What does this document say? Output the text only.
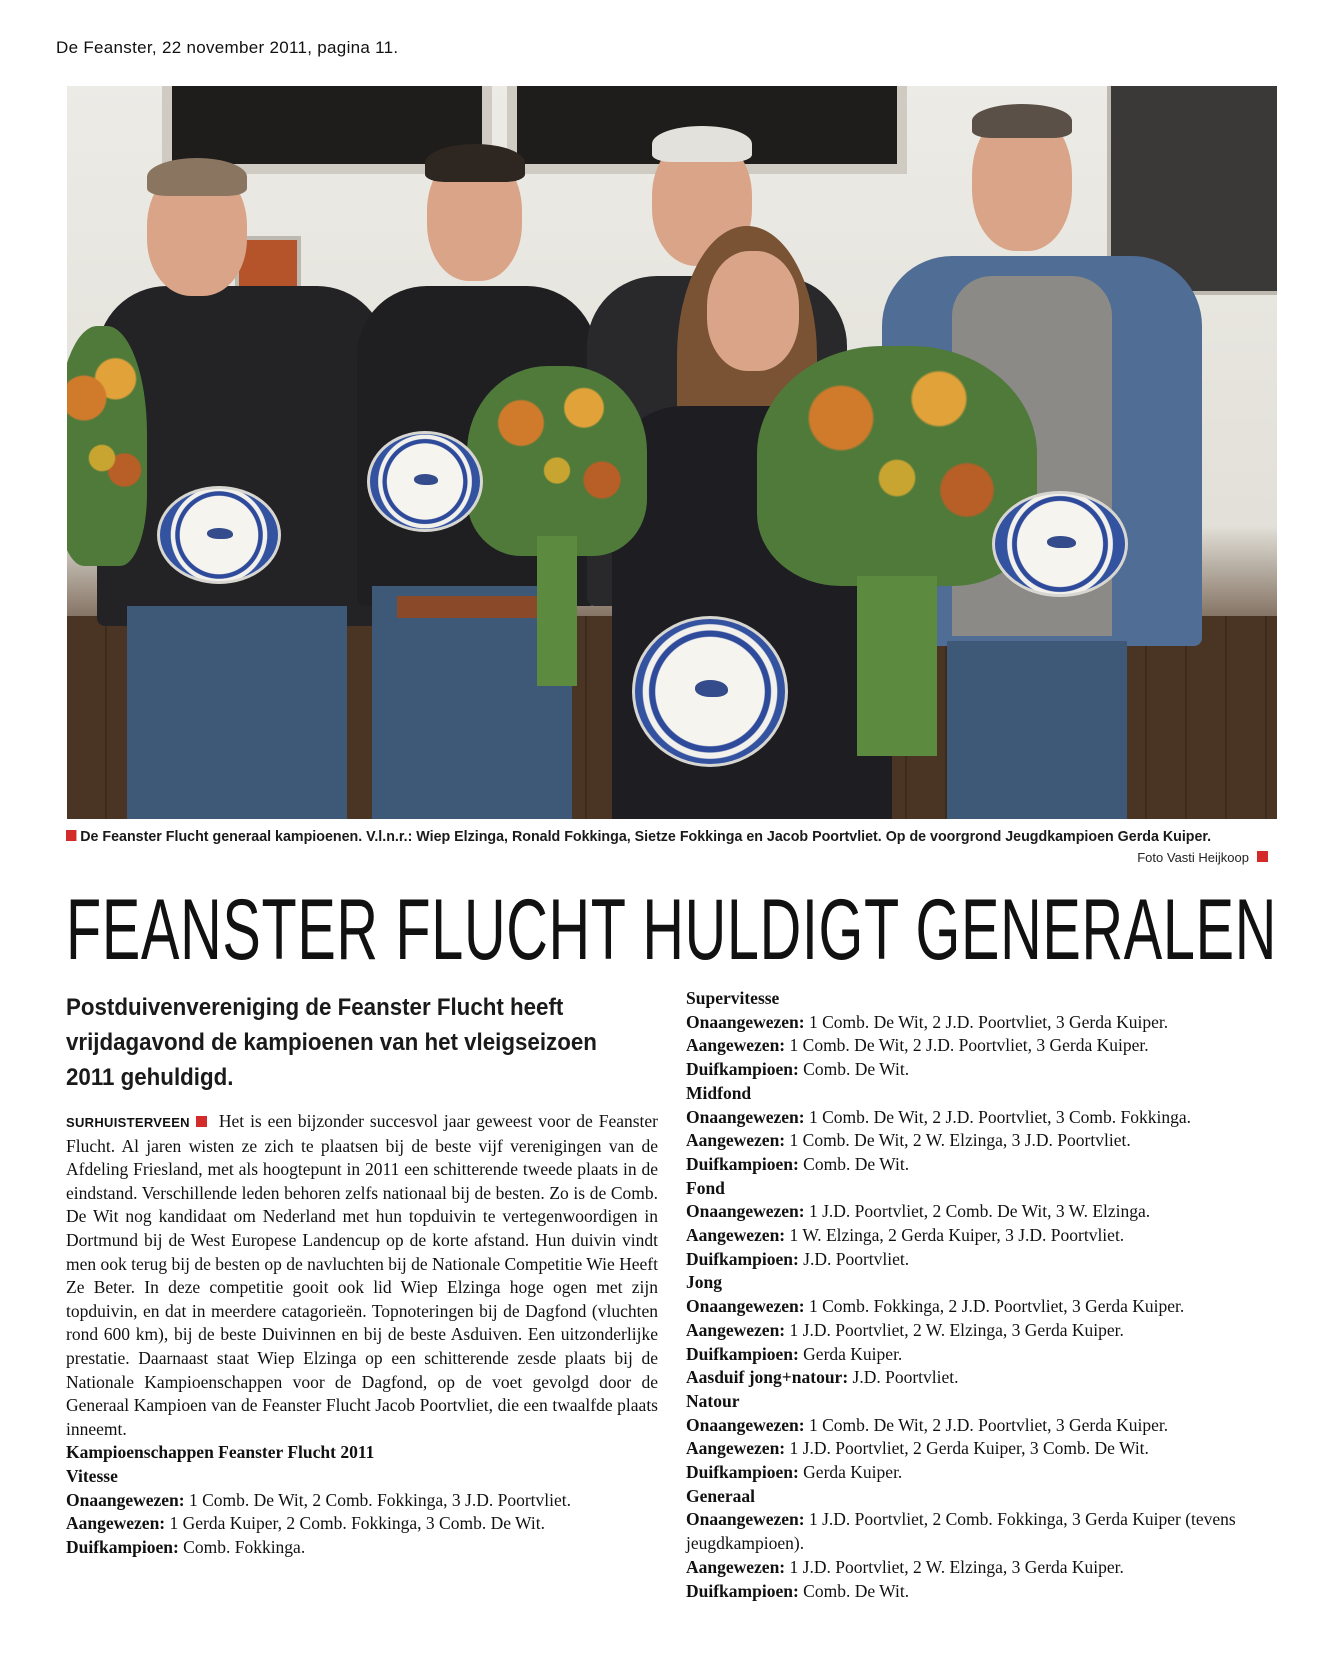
De Feanster, 22 november 2011, pagina 11.
De Feanster Flucht generaal kampioenen. V.l.n.r.: Wiep Elzinga, Ronald Fokkinga, Sietze Fokkinga en Jacob Poortvliet. Op de voorgrond Jeugdkampioen Gerda Kuiper.
Foto Vasti Heijkoop
FEANSTER FLUCHT HULDIGT GENERALEN
Postduivenvereniging de Feanster Flucht heeft vrijdagavond de kampioenen van het vleigseizoen 2011 gehuldigd.
SURHUISTERVEEN Het is een bijzonder succesvol jaar geweest voor de Feanster Flucht. Al jaren wisten ze zich te plaatsen bij de beste vijf verenigingen van de Afdeling Friesland, met als hoogtepunt in 2011 een schitterende tweede plaats in de eindstand. Verschillende leden behoren zelfs nationaal bij de besten. Zo is de Comb. De Wit nog kandidaat om Nederland met hun topduivin te vertegenwoordigen in Dortmund bij de West Europese Landencup op de korte afstand. Hun duivin vindt men ook terug bij de besten op de navluchten bij de Nationale Competitie Wie Heeft Ze Beter. In deze competitie gooit ook lid Wiep Elzinga hoge ogen met zijn topduivin, en dat in meerdere catagorieën. Topnoteringen bij de Dagfond (vluchten rond 600 km), bij de beste Duivinnen en bij de beste Asduiven. Een uitzonderlijke prestatie. Daarnaast staat Wiep Elzinga op een schitterende zesde plaats bij de Nationale Kampioenschappen voor de Dagfond, op de voet gevolgd door de Generaal Kampioen van de Feanster Flucht Jacob Poortvliet, die een twaalfde plaats inneemt.
Kampioenschappen Feanster Flucht 2011
Vitesse
Onaangewezen: 1 Comb. De Wit, 2 Comb. Fokkinga, 3 J.D. Poortvliet.
Aangewezen: 1 Gerda Kuiper, 2 Comb. Fokkinga, 3 Comb. De Wit.
Duifkampioen: Comb. Fokkinga.
Supervitesse
Onaangewezen: 1 Comb. De Wit, 2 J.D. Poortvliet, 3 Gerda Kuiper.
Aangewezen: 1 Comb. De Wit, 2 J.D. Poortvliet, 3 Gerda Kuiper.
Duifkampioen: Comb. De Wit.
Midfond
Onaangewezen: 1 Comb. De Wit, 2 J.D. Poortvliet, 3 Comb. Fokkinga.
Aangewezen: 1 Comb. De Wit, 2 W. Elzinga, 3 J.D. Poortvliet.
Duifkampioen: Comb. De Wit.
Fond
Onaangewezen: 1 J.D. Poortvliet, 2 Comb. De Wit, 3 W. Elzinga.
Aangewezen: 1 W. Elzinga, 2 Gerda Kuiper, 3 J.D. Poortvliet.
Duifkampioen: J.D. Poortvliet.
Jong
Onaangewezen: 1 Comb. Fokkinga, 2 J.D. Poortvliet, 3 Gerda Kuiper.
Aangewezen: 1 J.D. Poortvliet, 2 W. Elzinga, 3 Gerda Kuiper.
Duifkampioen: Gerda Kuiper.
Aasduif jong+natour: J.D. Poortvliet.
Natour
Onaangewezen: 1 Comb. De Wit, 2 J.D. Poortvliet, 3 Gerda Kuiper.
Aangewezen: 1 J.D. Poortvliet, 2 Gerda Kuiper, 3 Comb. De Wit.
Duifkampioen: Gerda Kuiper.
Generaal
Onaangewezen: 1 J.D. Poortvliet, 2 Comb. Fokkinga, 3 Gerda Kuiper (tevens jeugdkampioen).
Aangewezen: 1 J.D. Poortvliet, 2 W. Elzinga, 3 Gerda Kuiper.
Duifkampioen: Comb. De Wit.
